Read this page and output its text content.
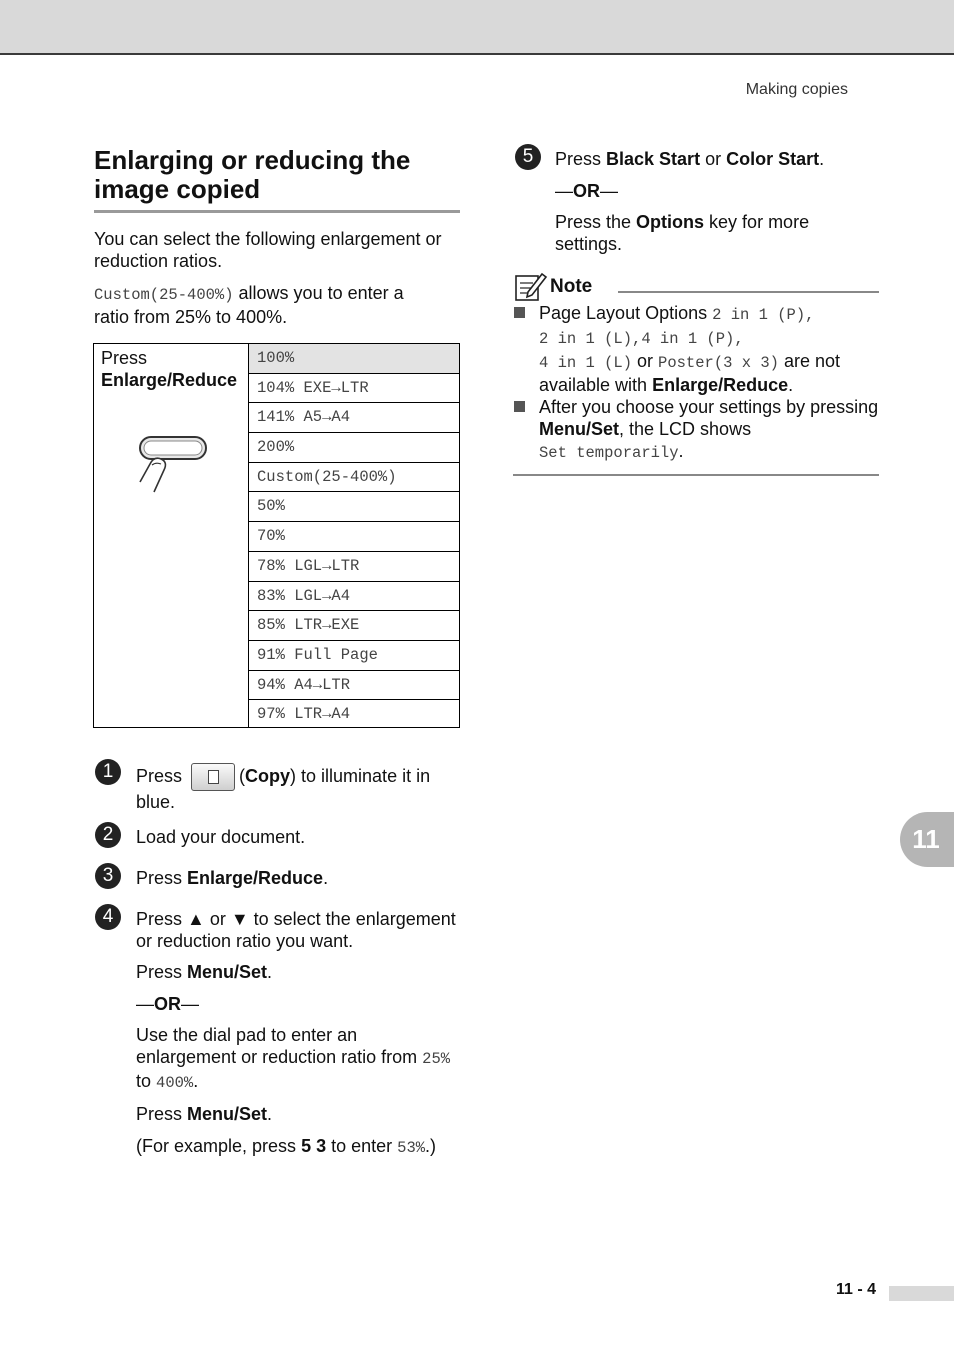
Making copies
Enlarging or reducing the
image copied
You can select the following enlargement or reduction ratios.
Custom(25-400%) allows you to enter a
ratio from 25% to 400%.
Press
Enlarge/Reduce
100%
104% EXE→LTR
141% A5→A4
200%
Custom(25-400%)
50%
70%
78% LGL→LTR
83% LGL→A4
85% LTR→EXE
91% Full Page
94% A4→LTR
97% LTR→A4
1	Press	(Copy) to illuminate it in
blue.
2	Load your document.
3	Press Enlarge/Reduce.
4	Press ▲ or ▼ to select the enlargement
or reduction ratio you want.
Press Menu/Set.
—OR—
Use the dial pad to enter an
enlargement or reduction ratio from 25%
to 400%.
Press Menu/Set.
(For example, press 5 3 to enter 53%.)
5	Press Black Start or Color Start.
—OR—
Press the Options key for more
settings.
Note
Page Layout Options 2 in 1 (P),
2 in 1 (L),4 in 1 (P),
4 in 1 (L) or Poster(3 x 3) are not
available with Enlarge/Reduce.
After you choose your settings by pressing
Menu/Set, the LCD shows
Set temporarily.
11
11 - 4
